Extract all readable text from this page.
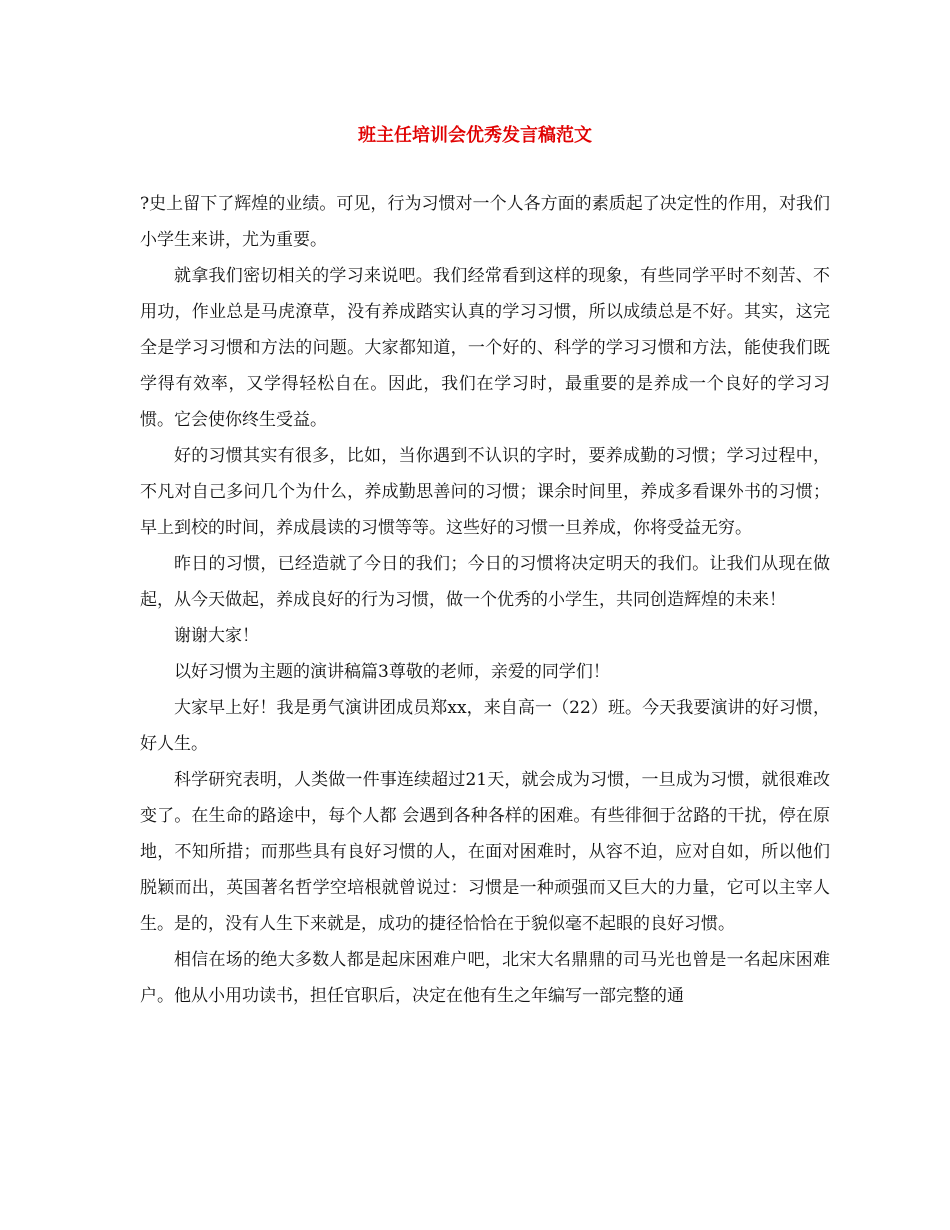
班主任培训会优秀发言稿范文

?史上留下了辉煌的业绩。可见，行为习惯对一个人各方面的素质起了决定性的作用，对我们小学生来讲，尤为重要。

就拿我们密切相关的学习来说吧。我们经常看到这样的现象，有些同学平时不刻苦、不用功，作业总是马虎潦草，没有养成踏实认真的学习习惯，所以成绩总是不好。其实，这完全是学习习惯和方法的问题。大家都知道，一个好的、科学的学习习惯和方法，能使我们既学得有效率，又学得轻松自在。因此，我们在学习时，最重要的是养成一个良好的学习习惯。它会使你终生受益。

好的习惯其实有很多，比如，当你遇到不认识的字时，要养成勤的习惯；学习过程中，不凡对自己多问几个为什么，养成勤思善问的习惯；课余时间里，养成多看课外书的习惯；早上到校的时间，养成晨读的习惯等等。这些好的习惯一旦养成，你将受益无穷。

昨日的习惯，已经造就了今日的我们；今日的习惯将决定明天的我们。让我们从现在做起，从今天做起，养成良好的行为习惯，做一个优秀的小学生，共同创造辉煌的未来！

谢谢大家！

以好习惯为主题的演讲稿篇3尊敬的老师，亲爱的同学们！

大家早上好！我是勇气演讲团成员郑xx，来自高一（22）班。今天我要演讲的好习惯，好人生。

科学研究表明，人类做一件事连续超过21天，就会成为习惯，一旦成为习惯，就很难改变了。在生命的路途中，每个人都 会遇到各种各样的困难。有些徘徊于岔路的干扰，停在原地，不知所措；而那些具有良好习惯的人，在面对困难时，从容不迫，应对自如，所以他们脱颖而出，英国著名哲学空培根就曾说过：习惯是一种顽强而又巨大的力量，它可以主宰人生。是的，没有人生下来就是，成功的捷径恰恰在于貌似毫不起眼的良好习惯。

相信在场的绝大多数人都是起床困难户吧，北宋大名鼎鼎的司马光也曾是一名起床困难户。他从小用功读书，担任官职后，决定在他有生之年编写一部完整的通
